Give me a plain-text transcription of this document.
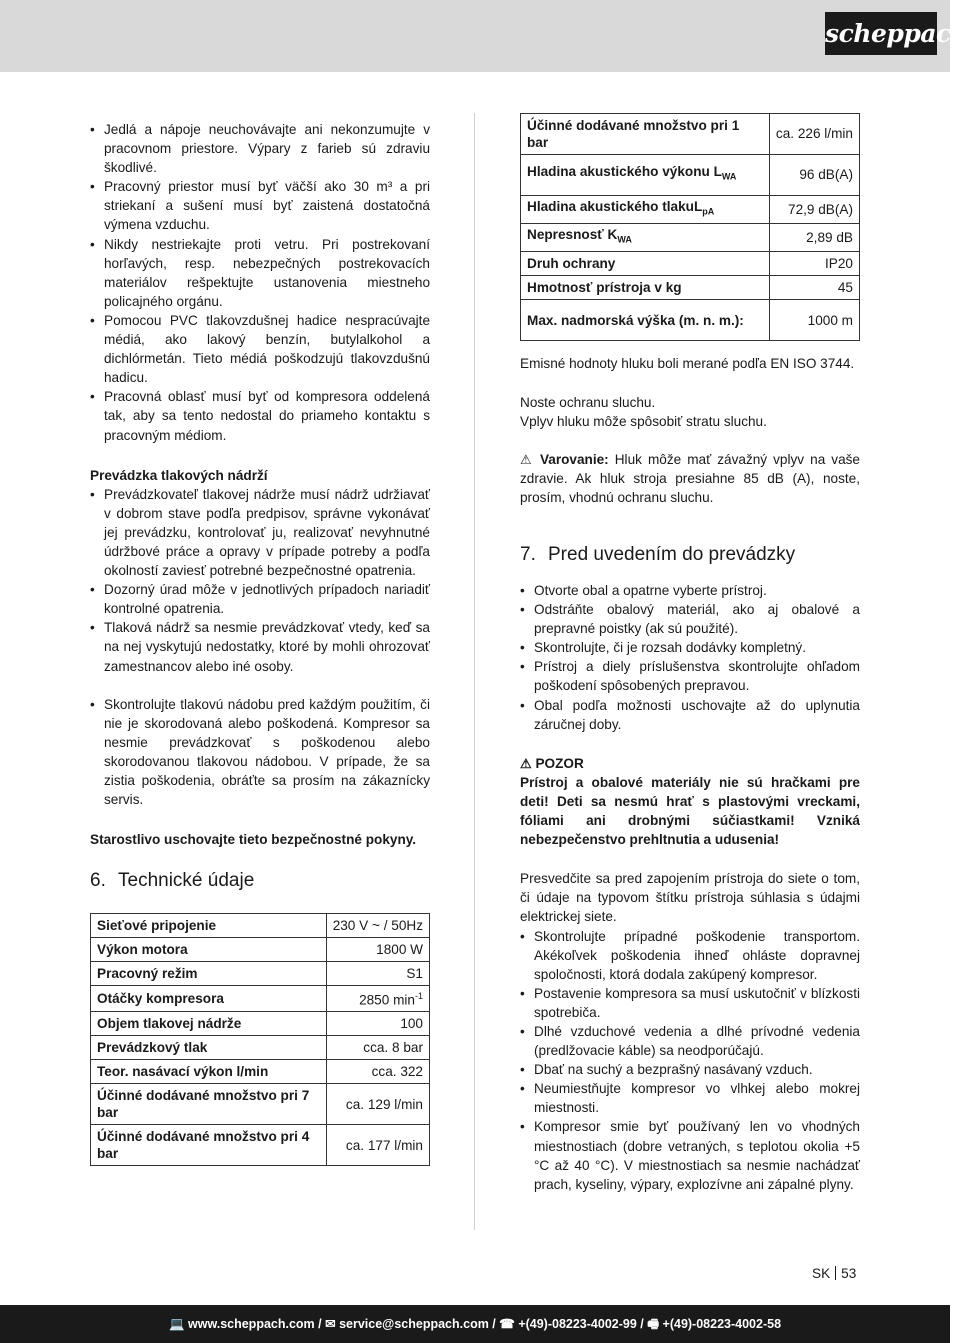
scheppach
• Jedlá a nápoje neuchovávajte ani nekonzumujte v pracovnom priestore. Výpary z farieb sú zdraviu škodlivé.
• Pracovný priestor musí byť väčší ako 30 m³ a pri striekaní a sušení musí byť zaistená dostatočná výmena vzduchu.
• Nikdy nestriekajte proti vetru. Pri postrekovaní horľavých, resp. nebezpečných postrekovacích materiálov rešpektujte ustanovenia miestneho policajného orgánu.
• Pomocou PVC tlakovzdušnej hadice nespracúvajte médiá, ako lakový benzín, butylalkohol a dichlórmetán. Tieto médiá poškodzujú tlakovzdušnú hadicu.
• Pracovná oblasť musí byť od kompresora oddelená tak, aby sa tento nedostal do priameho kontaktu s pracovným médiom.

Prevádzka tlakových nádrží

• Prevádzkovateľ tlakovej nádrže musí nádrž udržiavať v dobrom stave podľa predpisov, správne vykonávať jej prevádzku, kontrolovať ju, realizovať nevyhnutné údržbové práce a opravy v prípade potreby a podľa okolností zaviesť potrebné bezpečnostné opatrenia.
• Dozorný úrad môže v jednotlivých prípadoch nariadiť kontrolné opatrenia.
• Tlaková nádrž sa nesmie prevádzkovať vtedy, keď sa na nej vyskytujú nedostatky, ktoré by mohli ohrozovať zamestnancov alebo iné osoby.
• Skontrolujte tlakovú nádobu pred každým použitím, či nie je skorodovaná alebo poškodená. Kompresor sa nesmie prevádzkovať s poškodenou alebo skorodovanou tlakovou nádobou. V prípade, že sa zistia poškodenia, obráťte sa prosím na zákaznícky servis.

Starostlivo uschovajte tieto bezpečnostné pokyny.

6. Technické údaje
Sieťové pripojenie	230 V ~ / 50Hz
Výkon motora	1800 W
Pracovný režim	S1
Otáčky kompresora	2850 $\min^{-1}$
Objem tlakovej nádrže	100
Prevádzkový tlak	cca. 8 bar
Teor. nasávací výkon l/min	cca. 322
Účinné dodávané množstvo pri 7 bar	ca. 129 l/min
Účinné dodávané množstvo pri 4 bar	ca. 177 l/min
Účinné dodávané množstvo pri 1 bar	ca. 226 l/min
Hladina akustického výkonu $L_{WA}$	96 dB(A)
Hladina akustického tlakuL$_{pA}$	72,9 dB(A)
Nepresnosť $K_{WA}$	2,89 dB
Druh ochrany	IP20
Hmotnosť prístroja v kg	45
Max. nadmorská výška (m. n. m.):	1000 m

Emisné hodnoty hluku boli merané podľa EN ISO 3744.

Noste ochranu sluchu.

Vplyv hluku môže spôsobiť stratu sluchu.

⚠ Varovanie: Hluk môže mať závažný vplyv na vaše zdravie. Ak hluk stroja presiahne 85 dB (A), noste, prosím, vhodnú ochranu sluchu.

7. Pred uvedením do prevádzky
• Otvorte obal a opatrne vyberte prístroj.
• Odstráňte obalový materiál, ako aj obalové a prepravné poistky (ak sú použité).
• Skontrolujte, či je rozsah dodávky kompletný.
• Prístroj a diely príslušenstva skontrolujte ohľadom poškodení spôsobených prepravou.
• Obal podľa možnosti uschovajte až do uplynutia záručnej doby.

⚠ POZOR

Prístroj a obalové materiály nie sú hračkami pre deti! Deti sa nesmú hrať s plastovými vreckami, fóliami ani drobnými súčiastkami! Vzniká nebezpečenstvo prehltnutia a udusenia!

Presvedčite sa pred zapojením prístroja do siete o tom, či údaje na typovom štítku prístroja súhlasia s údajmi elektrickej siete.

• Skontrolujte prípadné poškodenie transportom. Akékoľvek poškodenia ihneď ohláste dopravnej spoločnosti, ktorá dodala zakúpený kompresor.
• Postavenie kompresora sa musí uskutočniť v blízkosti spotrebiča.
• Dlhé vzduchové vedenia a dlhé prívodné vedenia (predlžovacie káble) sa neodporúčajú.
• Dbať na suchý a bezprašný nasávaný vzduch.
• Neumiestňujte kompresor vo vlhkej alebo mokrej miestnosti.
• Kompresor smie byť používaný len vo vhodných miestnostiach (dobre vetraných, s teplotou okolia +5 °C až 40 °C). V miestnostiach sa nesmie nachádzať prach, kyseliny, výpary, explozívne ani zápalné plyny.
SK 53
💻 www.scheppach.com / ✉ service@scheppach.com / ☎ +(49)-08223-4002-99 / 🖷 +(49)-08223-4002-58
